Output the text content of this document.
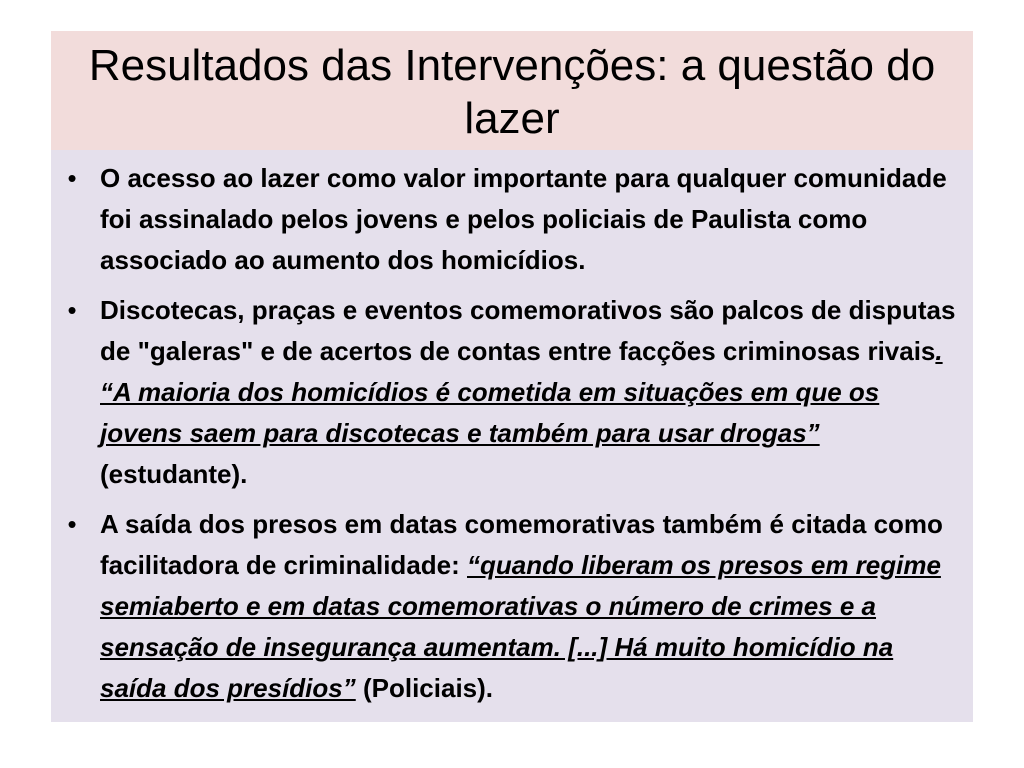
Resultados das Intervenções: a questão do lazer
• O acesso ao lazer como valor importante para qualquer comunidade foi assinalado pelos jovens e pelos policiais de Paulista como associado ao aumento dos homicídios.
• Discotecas, praças e eventos comemorativos são palcos de disputas de "galeras" e de acertos de contas entre facções criminosas rivais. “A maioria dos homicídios é cometida em situações em que os jovens saem para discotecas e também para usar drogas” (estudante).
• A saída dos presos em datas comemorativas também é citada como facilitadora de criminalidade: “quando liberam os presos em regime semiaberto e em datas comemorativas o número de crimes e a sensação de insegurança aumentam. [...] Há muito homicídio na saída dos presídios” (Policiais).
